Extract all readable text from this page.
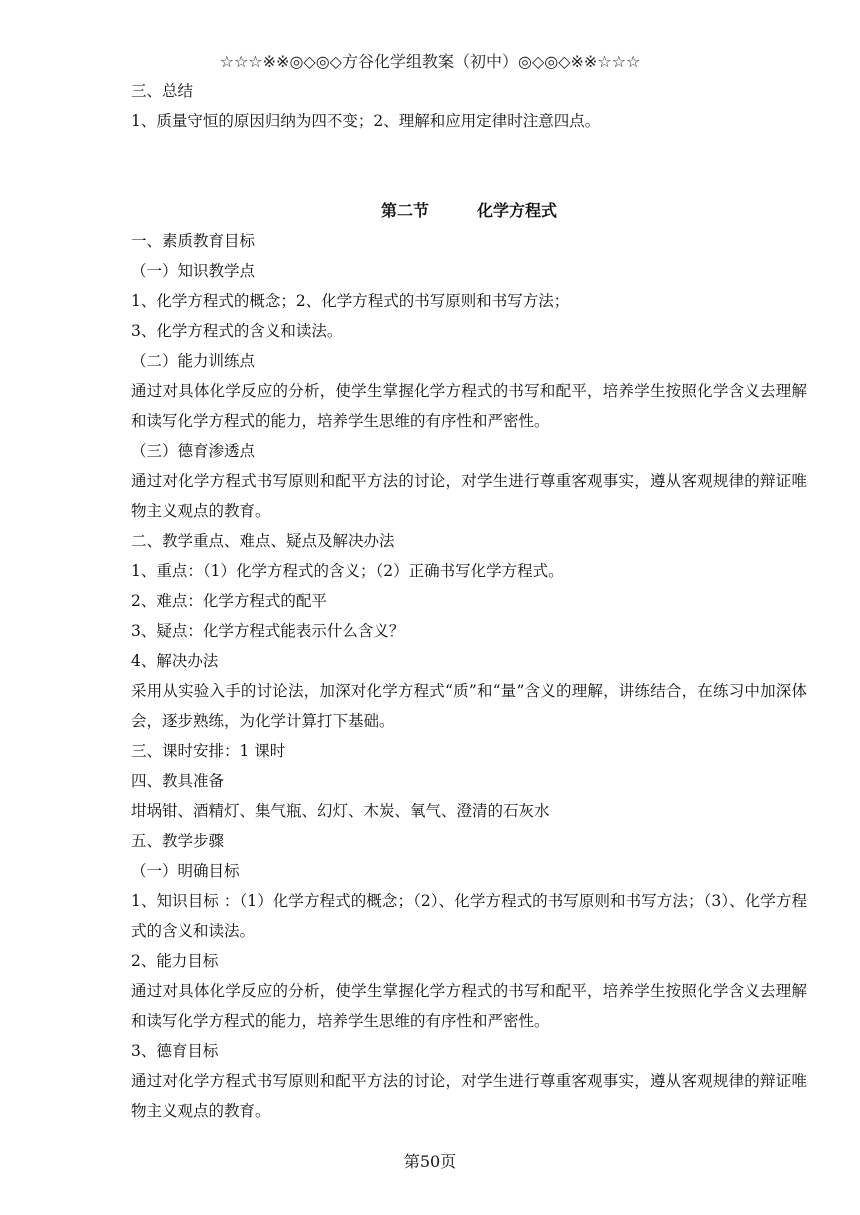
☆☆☆※※◎◇◎◇方谷化学组教案（初中）◎◇◎◇※※☆☆☆
三、总结
1、质量守恒的原因归纳为四不变；2、理解和应用定律时注意四点。
第二节	化学方程式
一、素质教育目标
（一）知识教学点
1、化学方程式的概念；2、化学方程式的书写原则和书写方法；
3、化学方程式的含义和读法。
（二）能力训练点

通过对具体化学反应的分析，使学生掌握化学方程式的书写和配平，培养学生按照化学含义去理解和读写化学方程式的能力，培养学生思维的有序性和严密性。

（三）德育渗透点

通过对化学方程式书写原则和配平方法的讨论，对学生进行尊重客观事实，遵从客观规律的辩证唯物主义观点的教育。

二、教学重点、难点、疑点及解决办法
1、重点：（1）化学方程式的含义；（2）正确书写化学方程式。
2、难点：化学方程式的配平
3、疑点：化学方程式能表示什么含义？
4、解决办法

采用从实验入手的讨论法，加深对化学方程式“质”和“量”含义的理解，讲练结合，在练习中加深体会，逐步熟练，为化学计算打下基础。

三、课时安排：1 课时
四、教具准备
坩埚钳、酒精灯、集气瓶、幻灯、木炭、氧气、澄清的石灰水
五、教学步骤
（一）明确目标

1、知识目标 ：（1）化学方程式的概念；（2）、化学方程式的书写原则和书写方法；（3）、化学方程式的含义和读法。

2、能力目标

通过对具体化学反应的分析，使学生掌握化学方程式的书写和配平，培养学生按照化学含义去理解和读写化学方程式的能力，培养学生思维的有序性和严密性。

3、德育目标

通过对化学方程式书写原则和配平方法的讨论，对学生进行尊重客观事实，遵从客观规律的辩证唯物主义观点的教育。

第50页
